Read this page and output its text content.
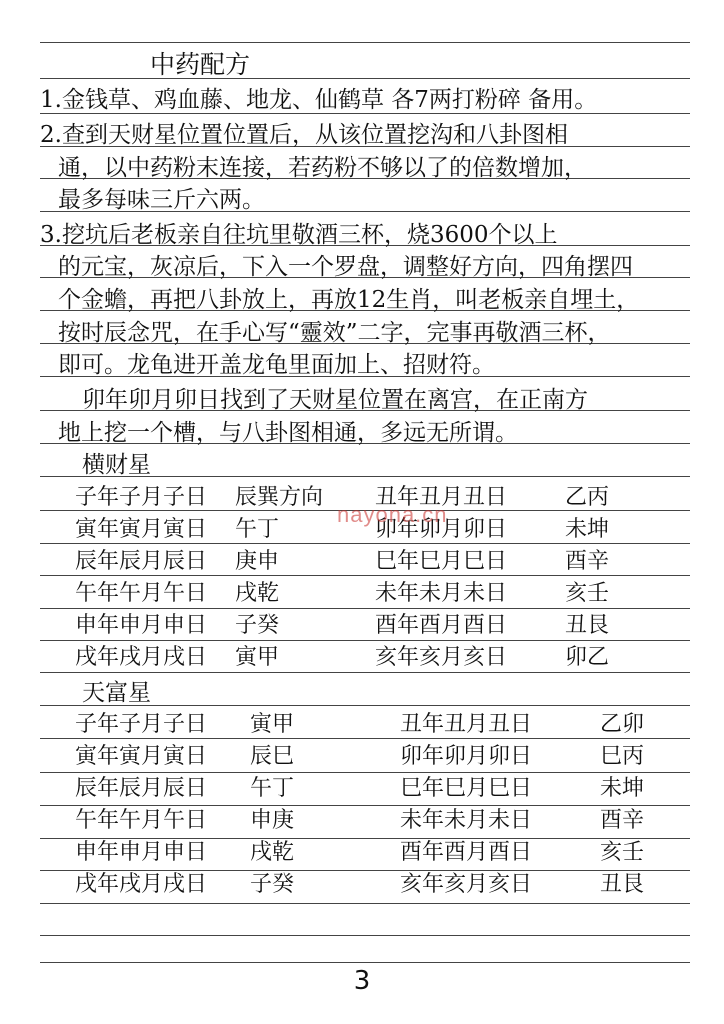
中药配方
1.金钱草、鸡血藤、地龙、仙鹤草 各7两打粉碎 备用。
2.查到天财星位置位置后，从该位置挖沟和八卦图相
通，以中药粉末连接，若药粉不够以了的倍数增加，
最多每味三斤六两。
3.挖坑后老板亲自往坑里敬酒三杯，烧3600个以上
的元宝，灰凉后，下入一个罗盘，调整好方向，四角摆四
个金蟾，再把八卦放上，再放12生肖，叫老板亲自埋土，
按时辰念咒，在手心写“靈效”二字，完事再敬酒三杯，
即可。龙龟进开盖龙龟里面加上、招财符。
卯年卯月卯日找到了天财星位置在离宫，在正南方
地上挖一个槽，与八卦图相通，多远无所谓。
横财星
子年子月子日 辰巽方向 丑年丑月丑日	乙丙
寅年寅月寅日 午丁	卯年卯月卯日	未坤
辰年辰月辰日 庚申	巳年巳月巳日	酉辛
午年午月午日 戌乾	未年未月未日	亥壬
申年申月申日 子癸	酉年酉月酉日	丑艮
戌年戌月戌日 寅甲	亥年亥月亥日	卯乙
天富星
子年子月子日 寅甲	丑年丑月丑日	乙卯
寅年寅月寅日 辰巳	卯年卯月卯日	巳丙
辰年辰月辰日 午丁	巳年巳月巳日	未坤
午年午月午日 申庚	未年未月未日	酉辛
申年申月申日 戌乾	酉年酉月酉日	亥壬
戌年戌月戌日 子癸	亥年亥月亥日	丑艮
nayona.cn
3
